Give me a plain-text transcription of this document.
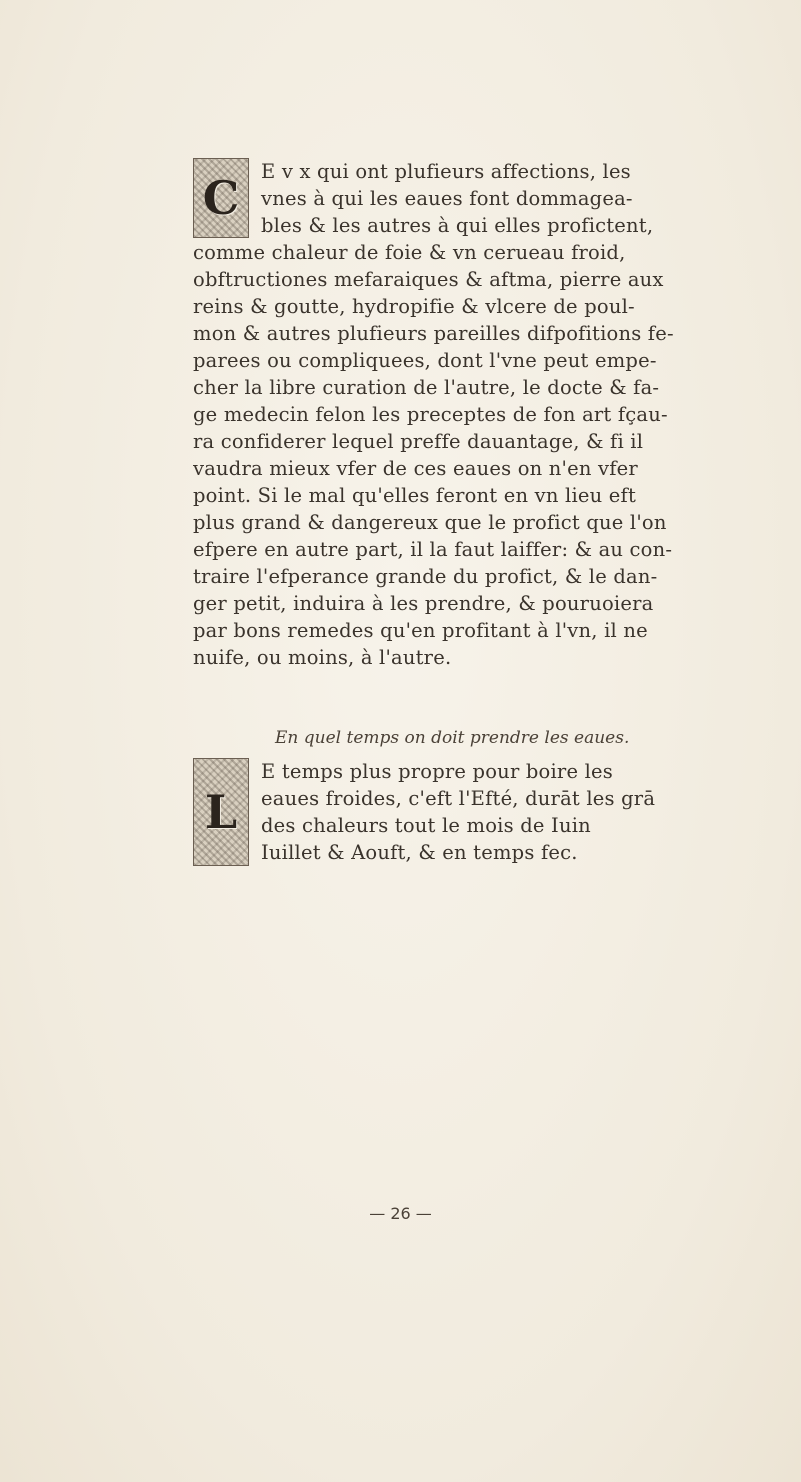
C	E v x qui ont plufieurs affections, les
vnes à qui les eaues font dommagea-
bles & les autres à qui elles profictent,
comme chaleur de foie & vn cerueau froid,
obftructiones mefaraiques & aftma, pierre aux
reins & goutte, hydropifie & vlcere de poul-
mon & autres plufieurs pareilles difpofitions fe-
parees ou compliquees, dont l'vne peut empe-
cher la libre curation de l'autre, le docte & fa-
ge medecin felon les preceptes de fon art fçau-
ra confiderer lequel preffe dauantage, & fi il
vaudra mieux vfer de ces eaues on n'en vfer
point. Si le mal qu'elles feront en vn lieu eft
plus grand & dangereux que le profict que l'on
efpere en autre part, il la faut laiffer: & au con-
traire l'efperance grande du profict, & le dan-
ger petit, induira à les prendre, & pouruoiera
par bons remedes qu'en profitant à l'vn, il ne
nuife, ou moins, à l'autre.
En quel temps on doit prendre les eaues.
L
E temps plus propre pour boire les
eaues froides, c'eft l'Efté, durāt les grā
des chaleurs tout le mois de Iuin
Iuillet & Aouft, & en temps fec.
— 26 —
